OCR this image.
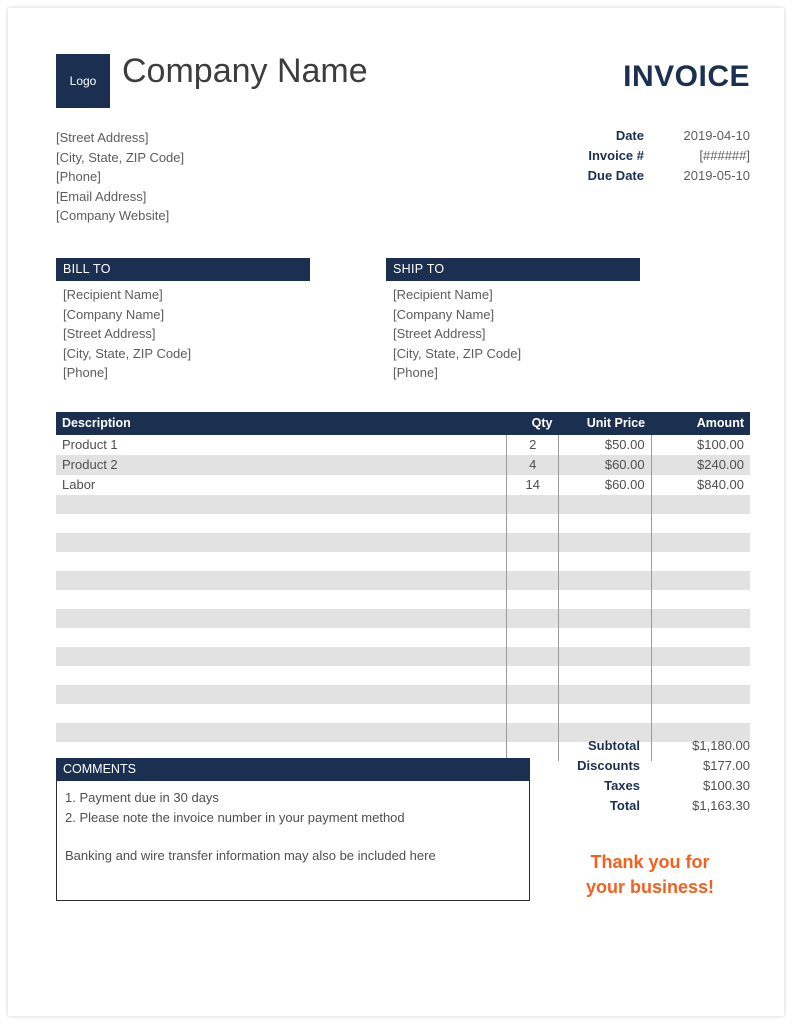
Logo Company Name	INVOICE
[Street Address]
[City, State, ZIP Code]
[Phone]
[Email Address]
[Company Website]
Date	2019-04-10
Invoice #	[######]
Due Date	2019-05-10
BILL TO
[Recipient Name]
[Company Name]
[Street Address]
[City, State, ZIP Code]
[Phone]
SHIP TO
[Recipient Name]
[Company Name]
[Street Address]
[City, State, ZIP Code]
[Phone]
Description	Qty	Unit Price	Amount
Product 1	2	$50.00	$100.00
Product 2	4	$60.00	$240.00
Labor	14	$60.00	$840.00

COMMENTS
1. Payment due in 30 days
2. Please note the invoice number in your payment method
Banking and wire transfer information may also be included here
Subtotal	$1,180.00
Discounts	$177.00
Taxes	$100.30
Total	$1,163.30
Thank you for
your business!
